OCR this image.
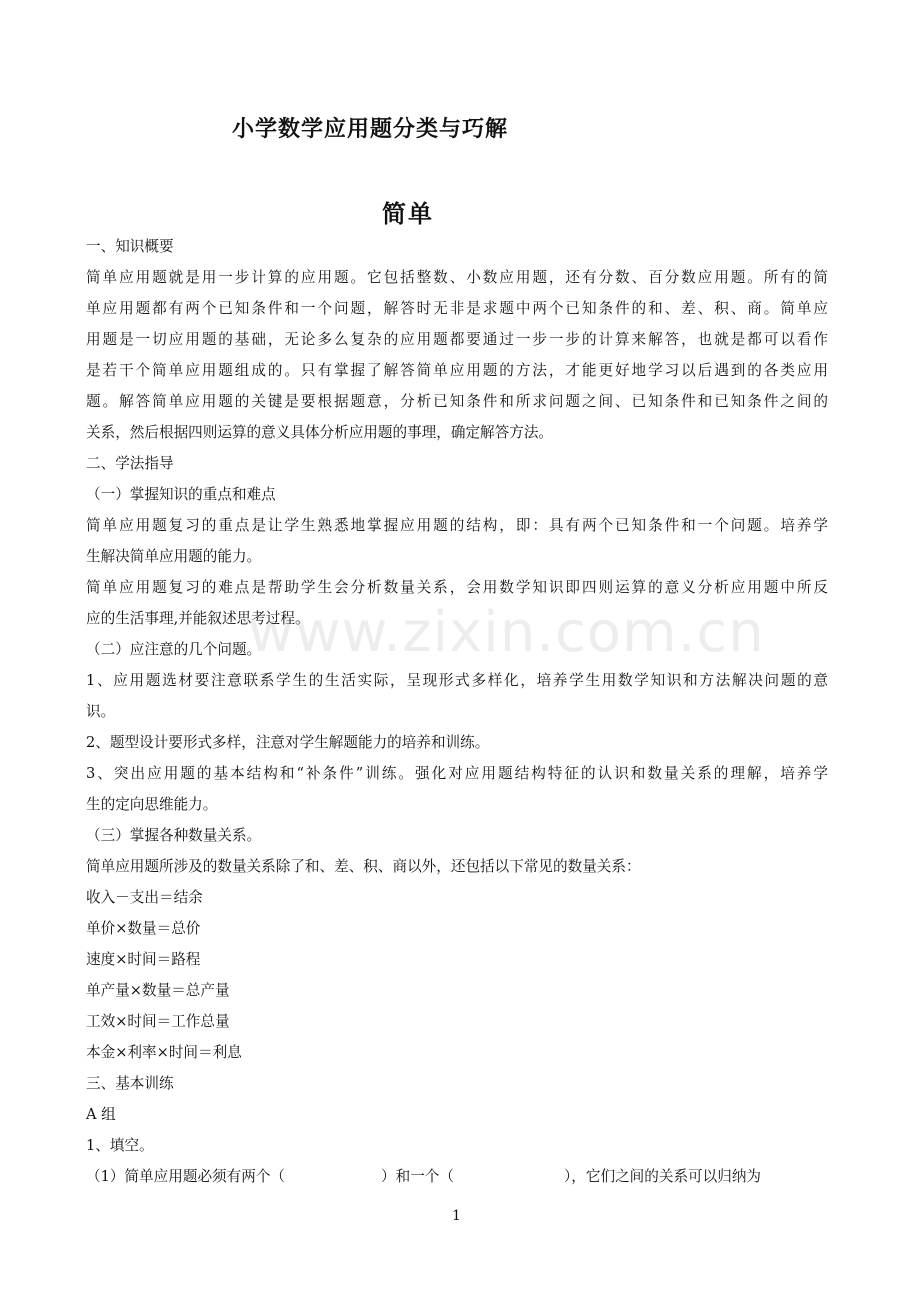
www.zixin.com.cn
小学数学应用题分类与巧解
简单
一、知识概要
简单应用题就是用一步计算的应用题。它包括整数、小数应用题，还有分数、百分数应用题。所有的简
单应用题都有两个已知条件和一个问题，解答时无非是求题中两个已知条件的和、差、积、商。简单应
用题是一切应用题的基础，无论多么复杂的应用题都要通过一步一步的计算来解答，也就是都可以看作
是若干个简单应用题组成的。只有掌握了解答简单应用题的方法，才能更好地学习以后遇到的各类应用
题。解答简单应用题的关键是要根据题意，分析已知条件和所求问题之间、已知条件和已知条件之间的
关系，然后根据四则运算的意义具体分析应用题的事理，确定解答方法。
二、学法指导
（一）掌握知识的重点和难点
简单应用题复习的重点是让学生熟悉地掌握应用题的结构，即：具有两个已知条件和一个问题。培养学
生解决简单应用题的能力。
简单应用题复习的难点是帮助学生会分析数量关系，会用数学知识即四则运算的意义分析应用题中所反
应的生活事理,并能叙述思考过程。
（二）应注意的几个问题。
1、应用题选材要注意联系学生的生活实际，呈现形式多样化，培养学生用数学知识和方法解决问题的意
识。
2、题型设计要形式多样，注意对学生解题能力的培养和训练。
3、突出应用题的基本结构和“补条件”训练。强化对应用题结构特征的认识和数量关系的理解，培养学
生的定向思维能力。
（三）掌握各种数量关系。
简单应用题所涉及的数量关系除了和、差、积、商以外，还包括以下常见的数量关系：
收入－支出＝结余
单价×数量＝总价
速度×时间＝路程
单产量×数量＝总产量
工效×时间＝工作总量
本金×利率×时间＝利息
三、基本训练
A 组
1、填空。
（1）简单应用题必须有两个（	）和一个（	），它们之间的关系可以归纳为
1
